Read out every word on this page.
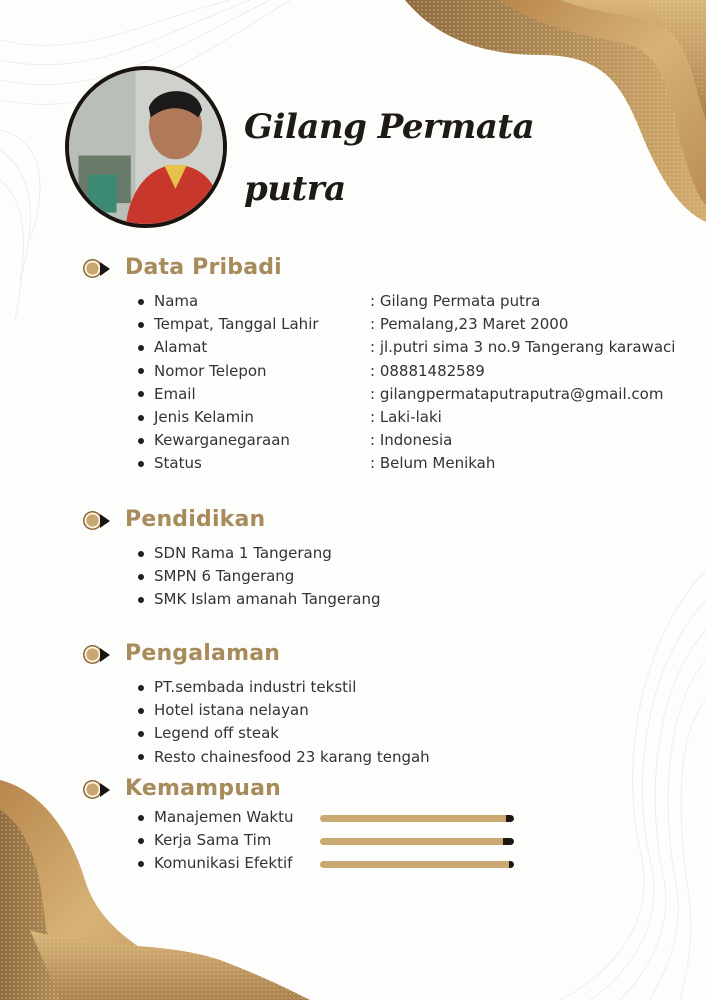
Gilang Permata
putra
Data Pribadi
Nama	: Gilang Permata putra
Tempat, Tanggal Lahir	: Pemalang,23 Maret 2000
Alamat	: jl.putri sima 3 no.9 Tangerang karawaci
Nomor Telepon	: 08881482589
Email	: gilangpermataputraputra@gmail.com
Jenis Kelamin	: Laki-laki
Kewarganegaraan	: Indonesia
Status	: Belum Menikah
Pendidikan
SDN Rama 1 Tangerang
SMPN 6 Tangerang
SMK Islam amanah Tangerang
Pengalaman
PT.sembada industri tekstil
Hotel istana nelayan
Legend off steak
Resto chainesfood 23 karang tengah
Kemampuan
Manajemen Waktu
Kerja Sama Tim
Komunikasi Efektif
